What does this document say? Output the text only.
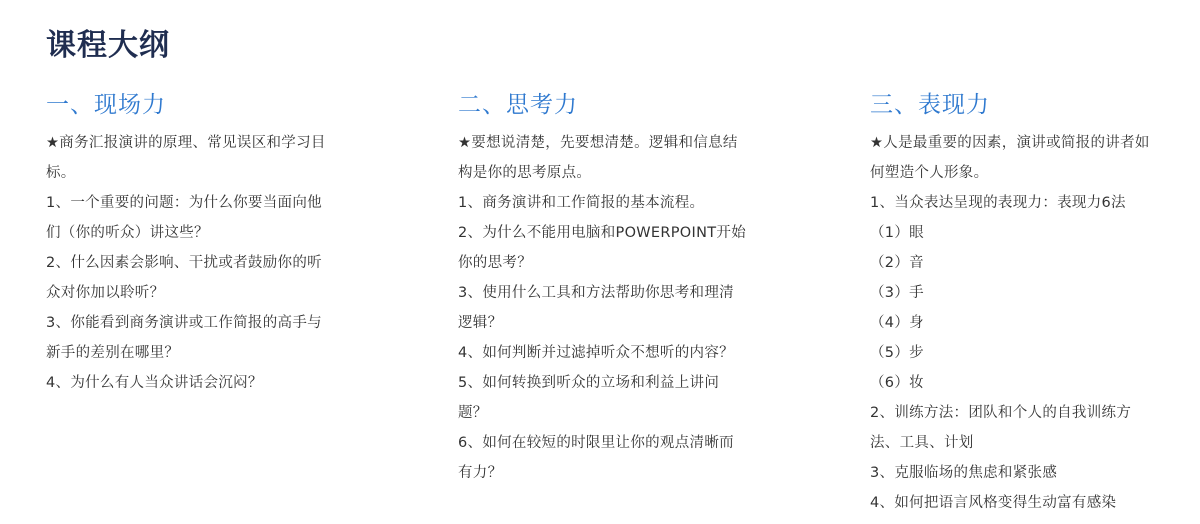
课程大纲
一、现场力
★商务汇报演讲的原理、常见误区和学习目标。
1、一个重要的问题：为什么你要当面向他们（你的听众）讲这些？
2、什么因素会影响、干扰或者鼓励你的听众对你加以聆听？
3、你能看到商务演讲或工作简报的高手与新手的差别在哪里？
4、为什么有人当众讲话会沉闷？
二、思考力
★要想说清楚，先要想清楚。逻辑和信息结构是你的思考原点。
1、商务演讲和工作简报的基本流程。
2、为什么不能用电脑和POWERPOINT开始你的思考？
3、使用什么工具和方法帮助你思考和理清逻辑？
4、如何判断并过滤掉听众不想听的内容？
5、如何转换到听众的立场和利益上讲问题？
6、如何在较短的时限里让你的观点清晰而有力？
三、表现力
★人是最重要的因素，演讲或简报的讲者如何塑造个人形象。
1、当众表达呈现的表现力：表现力6法
（1）眼
（2）音
（3）手
（4）身
（5）步
（6）妆
2、训练方法：团队和个人的自我训练方法、工具、计划
3、克服临场的焦虑和紧张感
4、如何把语言风格变得生动富有感染
